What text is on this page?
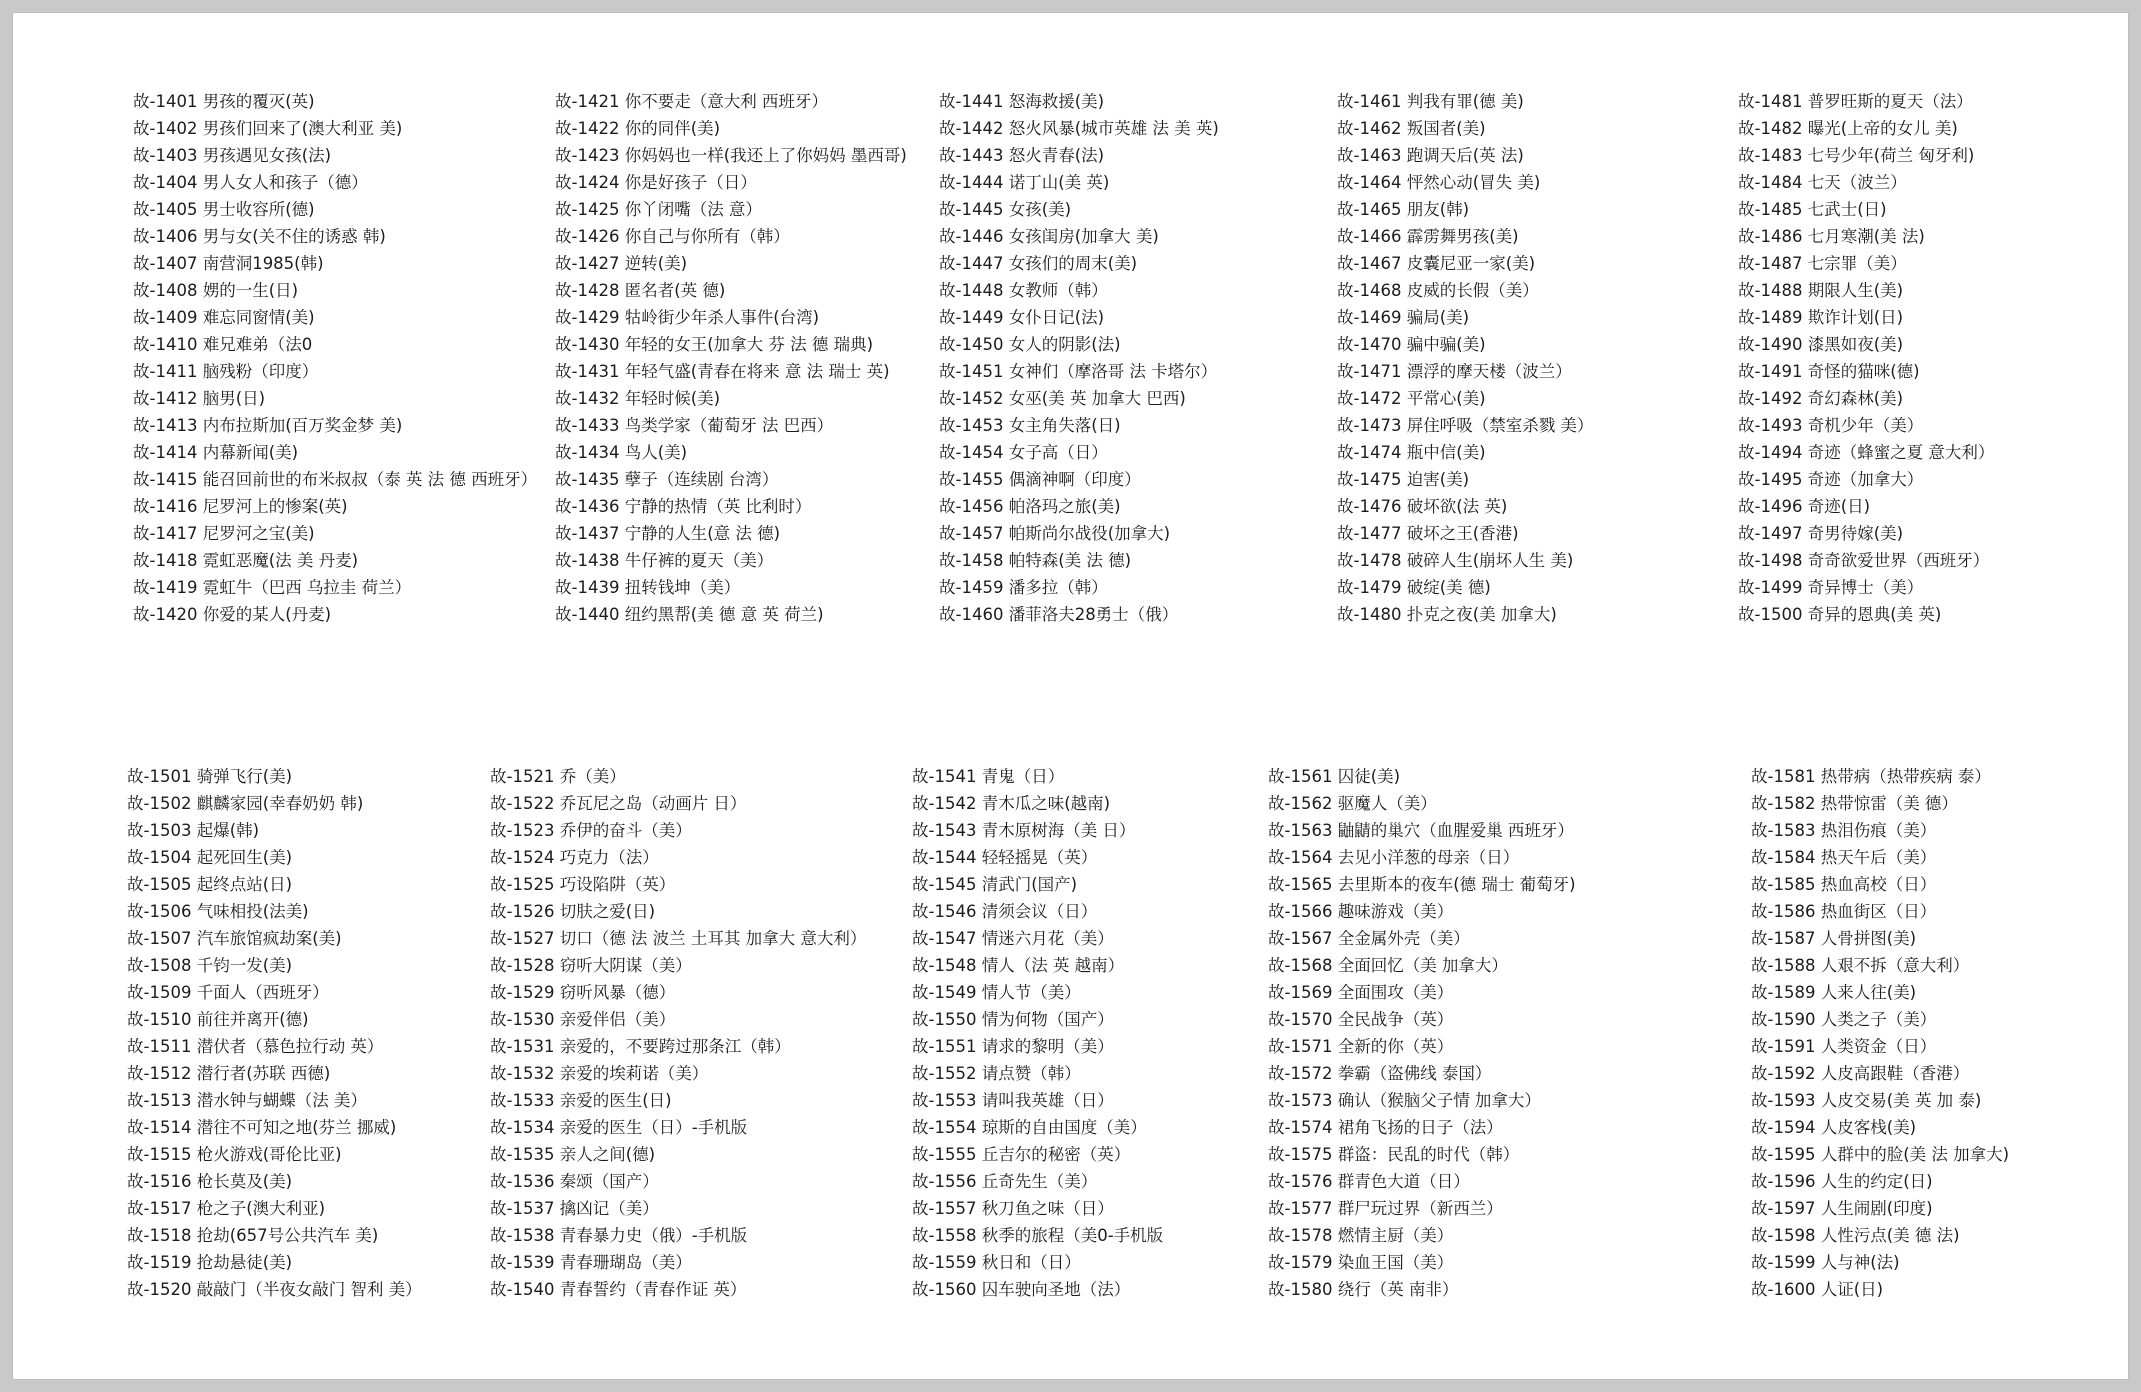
故-1401 男孩的覆灭(英)
故-1402 男孩们回来了(澳大利亚 美)
故-1403 男孩遇见女孩(法)
故-1404 男人女人和孩子（德）
故-1405 男士收容所(德)
故-1406 男与女(关不住的诱惑 韩)
故-1407 南营洞1985(韩)
故-1408 娚的一生(日)
故-1409 难忘同窗情(美)
故-1410 难兄难弟（法0
故-1411 脑残粉（印度）
故-1412 脑男(日)
故-1413 内布拉斯加(百万奖金梦 美)
故-1414 内幕新闻(美)
故-1415 能召回前世的布米叔叔（泰 英 法 德 西班牙）
故-1416 尼罗河上的惨案(英)
故-1417 尼罗河之宝(美)
故-1418 霓虹恶魔(法 美 丹麦)
故-1419 霓虹牛（巴西 乌拉圭 荷兰）
故-1420 你爱的某人(丹麦)
故-1421 你不要走（意大利 西班牙）
故-1422 你的同伴(美)
故-1423 你妈妈也一样(我还上了你妈妈 墨西哥)
故-1424 你是好孩子（日）
故-1425 你丫闭嘴（法 意）
故-1426 你自己与你所有（韩）
故-1427 逆转(美)
故-1428 匿名者(英 德)
故-1429 牯岭街少年杀人事件(台湾)
故-1430 年轻的女王(加拿大 芬 法 德 瑞典)
故-1431 年轻气盛(青春在将来 意 法 瑞士 英)
故-1432 年轻时候(美)
故-1433 鸟类学家（葡萄牙 法 巴西）
故-1434 鸟人(美)
故-1435 孽子（连续剧 台湾）
故-1436 宁静的热情（英 比利时）
故-1437 宁静的人生(意 法 德)
故-1438 牛仔裤的夏天（美）
故-1439 扭转钱坤（美）
故-1440 纽约黑帮(美 德 意 英 荷兰)
故-1441 怒海救援(美)
故-1442 怒火风暴(城市英雄 法 美 英)
故-1443 怒火青春(法)
故-1444 诺丁山(美 英)
故-1445 女孩(美)
故-1446 女孩闺房(加拿大 美)
故-1447 女孩们的周末(美)
故-1448 女教师（韩）
故-1449 女仆日记(法)
故-1450 女人的阴影(法)
故-1451 女神们（摩洛哥 法 卡塔尔）
故-1452 女巫(美 英 加拿大 巴西)
故-1453 女主角失落(日)
故-1454 女子高（日）
故-1455 偶滴神啊（印度）
故-1456 帕洛玛之旅(美)
故-1457 帕斯尚尔战役(加拿大)
故-1458 帕特森(美 法 德)
故-1459 潘多拉（韩）
故-1460 潘菲洛夫28勇士（俄）
故-1461 判我有罪(德 美)
故-1462 叛国者(美)
故-1463 跑调天后(英 法)
故-1464 怦然心动(冒失 美)
故-1465 朋友(韩)
故-1466 霹雳舞男孩(美)
故-1467 皮囊尼亚一家(美)
故-1468 皮威的长假（美）
故-1469 骗局(美)
故-1470 骗中骗(美)
故-1471 漂浮的摩天楼（波兰）
故-1472 平常心(美)
故-1473 屏住呼吸（禁室杀戮 美）
故-1474 瓶中信(美)
故-1475 迫害(美)
故-1476 破坏欲(法 英)
故-1477 破坏之王(香港)
故-1478 破碎人生(崩坏人生 美)
故-1479 破绽(美 德)
故-1480 扑克之夜(美 加拿大)
故-1481 普罗旺斯的夏天（法）
故-1482 曝光(上帝的女儿 美)
故-1483 七号少年(荷兰 匈牙利)
故-1484 七天（波兰）
故-1485 七武士(日)
故-1486 七月寒潮(美 法)
故-1487 七宗罪（美）
故-1488 期限人生(美)
故-1489 欺诈计划(日)
故-1490 漆黑如夜(美)
故-1491 奇怪的猫咪(德)
故-1492 奇幻森林(美)
故-1493 奇机少年（美）
故-1494 奇迹（蜂蜜之夏 意大利）
故-1495 奇迹（加拿大）
故-1496 奇迹(日)
故-1497 奇男待嫁(美)
故-1498 奇奇欲爱世界（西班牙）
故-1499 奇异博士（美）
故-1500 奇异的恩典(美 英)
故-1501 骑弹飞行(美)
故-1502 麒麟家园(幸春奶奶 韩)
故-1503 起爆(韩)
故-1504 起死回生(美)
故-1505 起终点站(日)
故-1506 气味相投(法美)
故-1507 汽车旅馆疯劫案(美)
故-1508 千钧一发(美)
故-1509 千面人（西班牙）
故-1510 前往并离开(德)
故-1511 潜伏者（慕色拉行动 英）
故-1512 潜行者(苏联 西德)
故-1513 潜水钟与蝴蝶（法 美）
故-1514 潜往不可知之地(芬兰 挪威)
故-1515 枪火游戏(哥伦比亚)
故-1516 枪长莫及(美)
故-1517 枪之子(澳大利亚)
故-1518 抢劫(657号公共汽车 美)
故-1519 抢劫悬徒(美)
故-1520 敲敲门（半夜女敲门 智利 美）
故-1521 乔（美）
故-1522 乔瓦尼之岛（动画片 日）
故-1523 乔伊的奋斗（美）
故-1524 巧克力（法）
故-1525 巧设陷阱（英）
故-1526 切肤之爱(日)
故-1527 切口（德 法 波兰 土耳其 加拿大 意大利）
故-1528 窃听大阴谋（美）
故-1529 窃听风暴（德）
故-1530 亲爱伴侣（美）
故-1531 亲爱的，不要跨过那条江（韩）
故-1532 亲爱的埃莉诺（美）
故-1533 亲爱的医生(日)
故-1534 亲爱的医生（日）-手机版
故-1535 亲人之间(德)
故-1536 秦颂（国产）
故-1537 擒凶记（美）
故-1538 青春暴力史（俄）-手机版
故-1539 青春珊瑚岛（美）
故-1540 青春誓约（青春作证 英）
故-1541 青鬼（日）
故-1542 青木瓜之味(越南)
故-1543 青木原树海（美 日）
故-1544 轻轻摇晃（英）
故-1545 清武门(国产)
故-1546 清须会议（日）
故-1547 情迷六月花（美）
故-1548 情人（法 英 越南）
故-1549 情人节（美）
故-1550 情为何物（国产）
故-1551 请求的黎明（美）
故-1552 请点赞（韩）
故-1553 请叫我英雄（日）
故-1554 琼斯的自由国度（美）
故-1555 丘吉尔的秘密（英）
故-1556 丘奇先生（美）
故-1557 秋刀鱼之味（日）
故-1558 秋季的旅程（美0-手机版
故-1559 秋日和（日）
故-1560 囚车驶向圣地（法）
故-1561 囚徒(美)
故-1562 驱魔人（美）
故-1563 鼬鼱的巢穴（血腥爱巢 西班牙）
故-1564 去见小洋葱的母亲（日）
故-1565 去里斯本的夜车(德 瑞士 葡萄牙)
故-1566 趣味游戏（美）
故-1567 全金属外壳（美）
故-1568 全面回忆（美 加拿大）
故-1569 全面围攻（美）
故-1570 全民战争（英）
故-1571 全新的你（英）
故-1572 拳霸（盗佛线 泰国）
故-1573 确认（猴脑父子情 加拿大）
故-1574 裙角飞扬的日子（法）
故-1575 群盗：民乱的时代（韩）
故-1576 群青色大道（日）
故-1577 群尸玩过界（新西兰）
故-1578 燃情主厨（美）
故-1579 染血王国（美）
故-1580 绕行（英 南非）
故-1581 热带病（热带疾病 泰）
故-1582 热带惊雷（美 德）
故-1583 热泪伤痕（美）
故-1584 热天午后（美）
故-1585 热血高校（日）
故-1586 热血街区（日）
故-1587 人骨拼图(美)
故-1588 人艰不拆（意大利）
故-1589 人来人往(美)
故-1590 人类之子（美）
故-1591 人类资金（日）
故-1592 人皮高跟鞋（香港）
故-1593 人皮交易(美 英 加 泰)
故-1594 人皮客栈(美)
故-1595 人群中的脸(美 法 加拿大)
故-1596 人生的约定(日)
故-1597 人生闹剧(印度)
故-1598 人性污点(美 德 法)
故-1599 人与神(法)
故-1600 人证(日)
